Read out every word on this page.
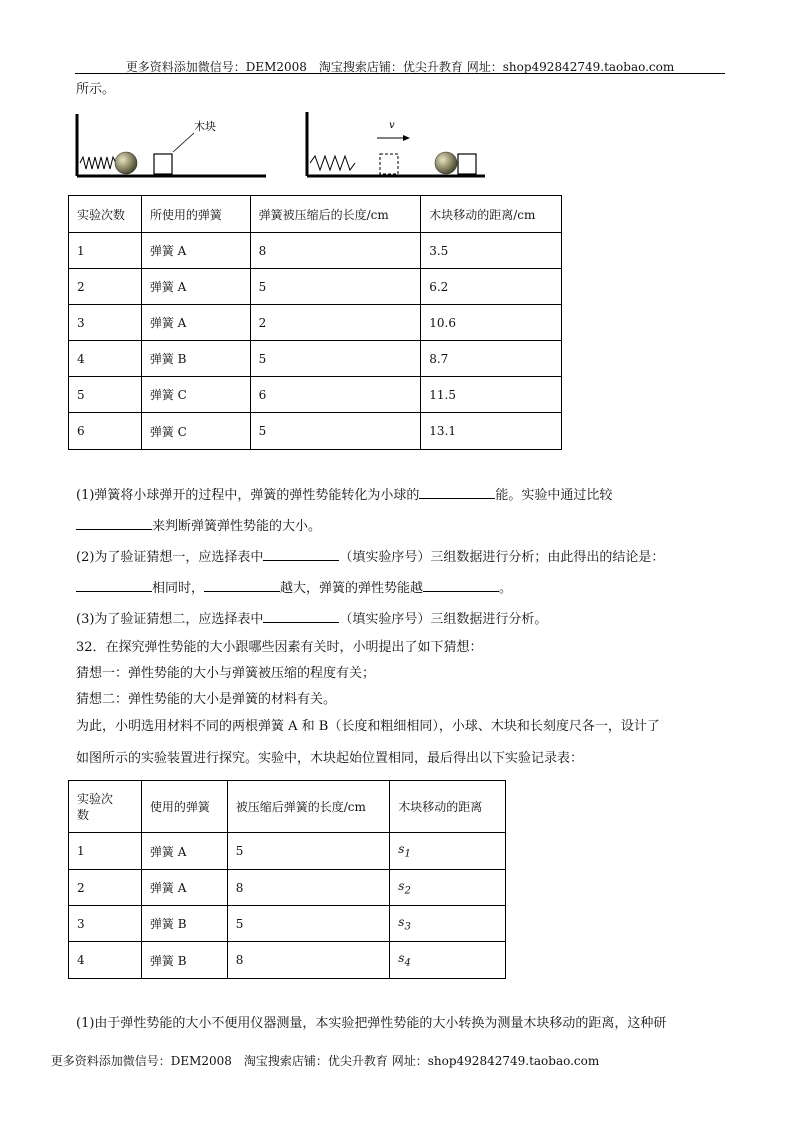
更多资料添加微信号：DEM2008　淘宝搜索店铺：优尖升教育 网址：shop492842749.taobao.com
所示。
木块	v
实验次数	所使用的弹簧	弹簧被压缩后的长度/cm	木块移动的距离/cm
1	弹簧 A	8	3.5
2	弹簧 A	5	6.2
3	弹簧 A	2	10.6
4	弹簧 B	5	8.7
5	弹簧 C	6	11.5
6	弹簧 C	5	13.1
(1)弹簧将小球弹开的过程中，弹簧的弹性势能转化为小球的	能。实验中通过比较
来判断弹簧弹性势能的大小。
(2)为了验证猜想一，应选择表中	（填实验序号）三组数据进行分析；由此得出的结论是：
相同时，	越大，弹簧的弹性势能越	。
(3)为了验证猜想二，应选择表中	（填实验序号）三组数据进行分析。
32．在探究弹性势能的大小跟哪些因素有关时，小明提出了如下猜想：
猜想一：弹性势能的大小与弹簧被压缩的程度有关；
猜想二：弹性势能的大小是弹簧的材料有关。
为此，小明选用材料不同的两根弹簧 A 和 B（长度和粗细相同），小球、木块和长刻度尺各一，设计了
如图所示的实验装置进行探究。实验中，木块起始位置相同，最后得出以下实验记录表：
实验次数	使用的弹簧	被压缩后弹簧的长度/cm	木块移动的距离
1	弹簧 A	5	$s_1$
2	弹簧 A	8	$s_2$
3	弹簧 B	5	$s_3$
4	弹簧 B	8	$s_4$
(1)由于弹性势能的大小不便用仪器测量，本实验把弹性势能的大小转换为测量木块移动的距离，这种研
更多资料添加微信号：DEM2008　淘宝搜索店铺：优尖升教育 网址：shop492842749.taobao.com
